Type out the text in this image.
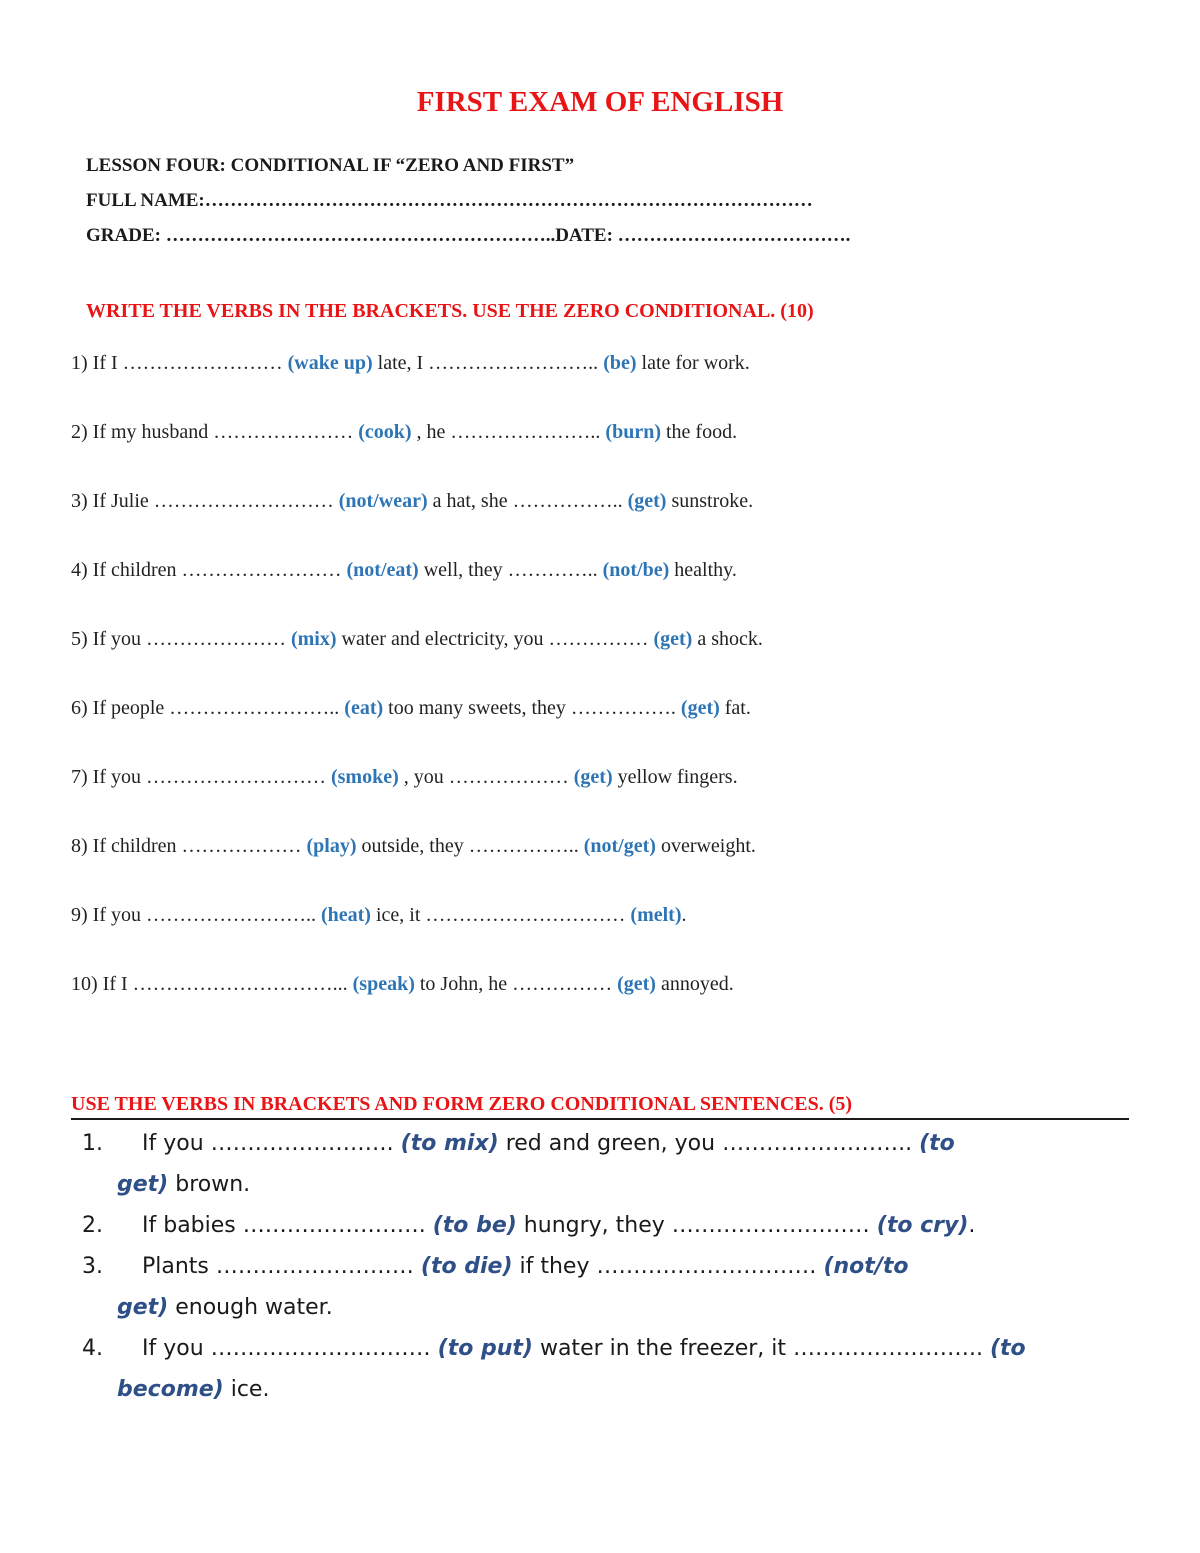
FIRST EXAM OF ENGLISH
LESSON FOUR: CONDITIONAL IF “ZERO AND FIRST”
FULL NAME:……………………………………………………………………………………
GRADE: ……………………………………………………..DATE: ……………………………….
WRITE THE VERBS IN THE BRACKETS. USE THE ZERO CONDITIONAL. (10)
1) If I …………………… (wake up) late, I …………………….. (be) late for work.
2) If my husband ………………… (cook) , he ………………….. (burn) the food.
3) If Julie ……………………… (not/wear) a hat, she …………….. (get) sunstroke.
4) If children …………………… (not/eat) well, they ………….. (not/be) healthy.
5) If you ………………… (mix) water and electricity, you …………… (get) a shock.
6) If people …………………….. (eat) too many sweets, they ……………. (get) fat.
7) If you ……………………… (smoke) , you ……………… (get) yellow fingers.
8) If children ……………… (play) outside, they …………….. (not/get) overweight.
9) If you …………………….. (heat) ice, it ………………………… (melt).
10) If I …………………………... (speak) to John, he …………… (get) annoyed.
USE THE VERBS IN BRACKETS AND FORM ZERO CONDITIONAL SENTENCES. (5)
1. If you ……………………. (to mix) red and green, you …………………….. (to
get) brown.
2. If babies ……………………. (to be) hungry, they ……………………… (to cry).
3. Plants ……………………… (to die) if they ………………………… (not/to
get) enough water.
4. If you ………………………… (to put) water in the freezer, it …………………….. (to
become) ice.
